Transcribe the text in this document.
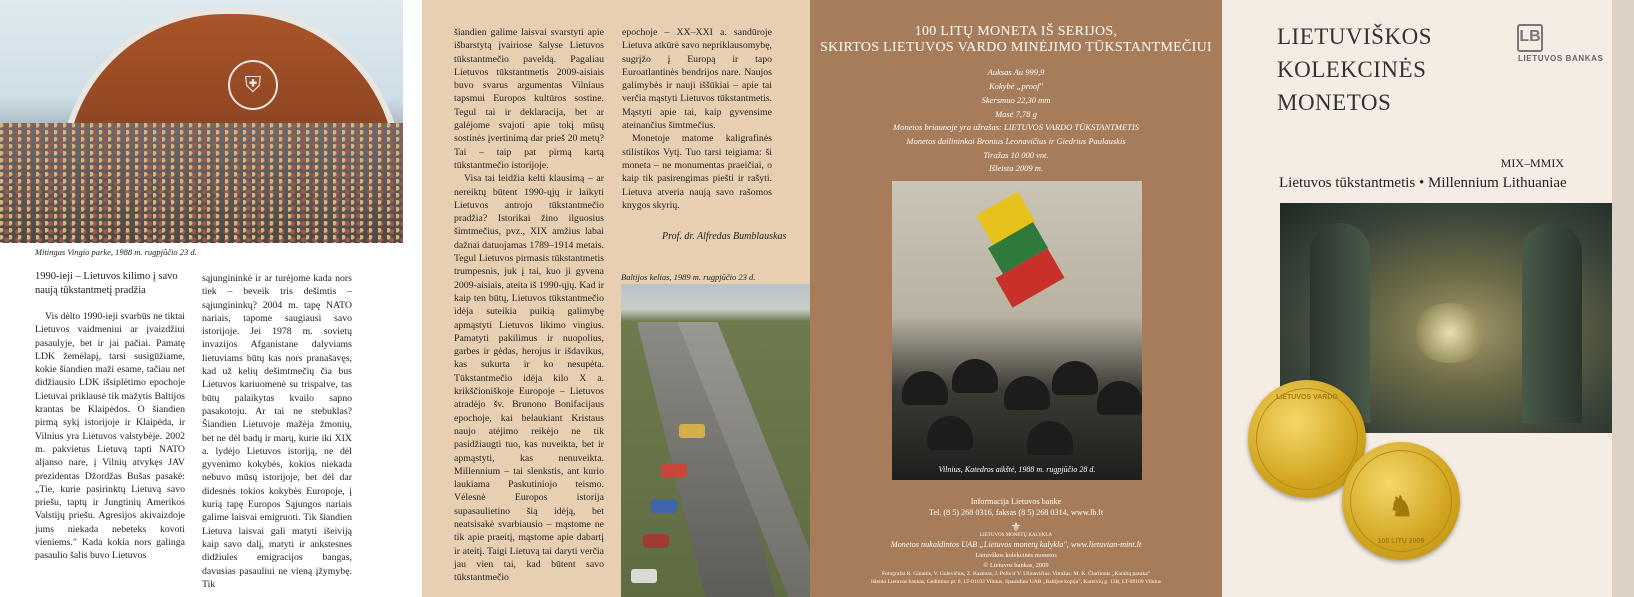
⛨
Mitingas Vingio parke, 1988 m. rugpjūčio 23 d.
1990-ieji – Lietuvos kilimo į savo naują tūkstantmetį pradžia

Vis dėlto 1990-ieji svarbūs ne tiktai Lietuvos vaidmeniui ar įvaizdžiui pasaulyje, bet ir jai pačiai. Pamatę LDK žemėlapį, tarsi susigūžiame, kokie šiandien maži esame, tačiau net didžiausio LDK išsiplėtimo epochoje Lietuvai priklausė tik mažytis Baltijos krantas be Klaipėdos. O šiandien pirmą sykį istorijoje ir Klaipėda, ir Vilnius yra Lietuvos valstybėje. 2002 m. pakvietus Lietuvą tapti NATO aljanso nare, į Vilnių atvykęs JAV prezidentas Džordžas Bušas pasakė: „Tie, kurie pasirinktų Lietuvą savo priešu, taptų ir Jungtinių Amerikos Valstijų priešu. Agresijos akivaizdoje jums niekada nebeteks kovoti vieniems." Kada kokia nors galinga pasaulio šalis buvo Lietuvos

sąjungininkė ir ar turėjome kada nors tiek – beveik tris dešimtis – sąjungininkų? 2004 m. tapę NATO nariais, tapome saugiausi savo istorijoje. Jei 1978 m. sovietų invazijos Afganistane dalyviams lietuviams būtų kas nors pranašavęs, kad už kelių dešimtmečių čia bus Lietuvos kariuomenė su trispalve, tas būtų palaikytas kvailo sapno pasakotoju. Ar tai ne stebuklas? Šiandien Lietuvoje mažėja žmonių, bet ne dėl badų ir marų, kurie iki XIX a. lydėjo Lietuvos istoriją, ne dėl gyvenimo kokybės, kokios niekada nebuvo mūsų istorijoje, bet dėl dar didesnės tokios kokybės Europoje, į kurią tapę Europos Sąjungos nariais galime laisvai emigruoti. Tik šiandien Lietuva laisvai gali matyti išeiviją kaip savo dalį, matyti ir ankstesnes didžiules emigracijos bangas, davusias pasauliui ne vieną įžymybę. Tik

šiandien galime laisvai svarstyti apie išbarstytą įvairiose šalyse Lietuvos tūkstantmečio paveldą. Pagaliau Lietuvos tūkstantmetis 2009-aisiais buvo svarus argumentas Vilniaus tapsmui Europos kultūros sostine. Tegul tai ir deklaracija, bet ar galėjome svajoti apie tokį mūsų sostinės įvertinimą dar prieš 20 metų? Tai – taip pat pirmą kartą tūkstantmečio istorijoje.

Visa tai leidžia kelti klausimą – ar nereiktų būtent 1990-ųjų ir laikyti Lietuvos antrojo tūkstantmečio pradžia? Istorikai žino ilguosius šimtmečius, pvz., XIX amžius labai dažnai datuojamas 1789–1914 metais. Tegul Lietuvos pirmasis tūkstantmetis trumpesnis, juk į tai, kuo ji gyvena 2009-aisiais, ateita iš 1990-ųjų. Kad ir kaip ten būtų, Lietuvos tūkstantmečio idėja suteikia puikią galimybę apmąstyti Lietuvos likimo vingius. Pamatyti pakilimus ir nuopolius, garbes ir gėdas, herojus ir išdavikus, kas sukurta ir ko nesupėta. Tūkstantmečio idėja kilo X a. krikščioniškoje Europoje – Lietuvos atradėjo šv. Brunono Bonifacijaus epochoje, kai belaukiant Kristaus naujo atėjimo reikėjo ne tik pasidžiaugti tuo, kas nuveikta, bet ir apmąstyti, kas nenuveikta. Millennium – tai slenkstis, ant kurio laukiama Paskutiniojo teismo. Vėlesnė Europos istorija supasaulietino šią idėją, bet neatsisakė svarbiausio – mąstome ne tik apie praeitį, mąstome apie dabartį ir ateitį. Taigi Lietuvą tai daryti verčia jau vien tai, kad būtent savo tūkstantmečio

epochoje – XX–XXI a. sandūroje Lietuva atkūrė savo nepriklausomybę, sugrįžo į Europą ir tapo Euroatlantinės bendrijos nare. Naujos galimybės ir nauji iššūkiai – apie tai verčia mąstyti Lietuvos tūkstantmetis. Mąstyti apie tai, kaip gyvensime ateinančius šimtmečius.

Monetoje matome kaligrafinės stilistikos Vytį. Tuo tarsi teigiama: ši moneta – ne monumentas praeičiai, o kaip tik pasirengimas piešti ir rašyti. Lietuva atveria naują savo rašomos knygos skyrių.

Prof. dr. Alfredas Bumblauskas
Baltijos kelias, 1989 m. rugpjūčio 23 d.
100 LITŲ MONETA IŠ SERIJOS,
SKIRTOS LIETUVOS VARDO MINĖJIMO TŪKSTANTMEČIUI
Auksas Au 999,9
Kokybė „proof"
Skersmuo 22,30 mm
Masė 7,78 g
Monetos briaunoje yra užrašas: LIETUVOS VARDO TŪKSTANTMETIS
Monetos dailininkai Bronius Leonavičius ir Giedrius Paulauskis
Tiražas 10 000 vnt.
Išleista 2009 m.
Vilnius, Katedros aikštė, 1988 m. rugpjūčio 28 d.
Informacija Lietuvos banke
Tel. (8 5) 268 0316, faksas (8 5) 268 0314, www.lb.lt
⚜
LIETUVOS MONETŲ KALYKLA
Monetos nukaldintos UAB „Lietuvos monetų kalykla", www.lietuvian-mint.lt
Lietuvškos kolekcinės monetos
© Lietuvos bankas, 2009
Fotografai R. Ginaitis, V. Gulevičius, Z. Kazėnas, J. Polis ir V. Ušinavičius. Vitražas: M. K. Čiurlionis „Karalių pasaka"
Išleido Lietuvos bankas, Gedimino pr. 6, LT-01103 Vilnius. Spausdino UAB „Baltijos kopija", Kareivių g. 13B, LT-09109 Vilnius
LIETUVIŠKOS
KOLEKCINĖS
MONETOS
LB
LIETUVOS BANKAS
MIX–MMIX
Lietuvos tūkstantmetis • Millennium Lithuaniae
LIETUVOS VARDO
♞
100 LITŲ 2009
